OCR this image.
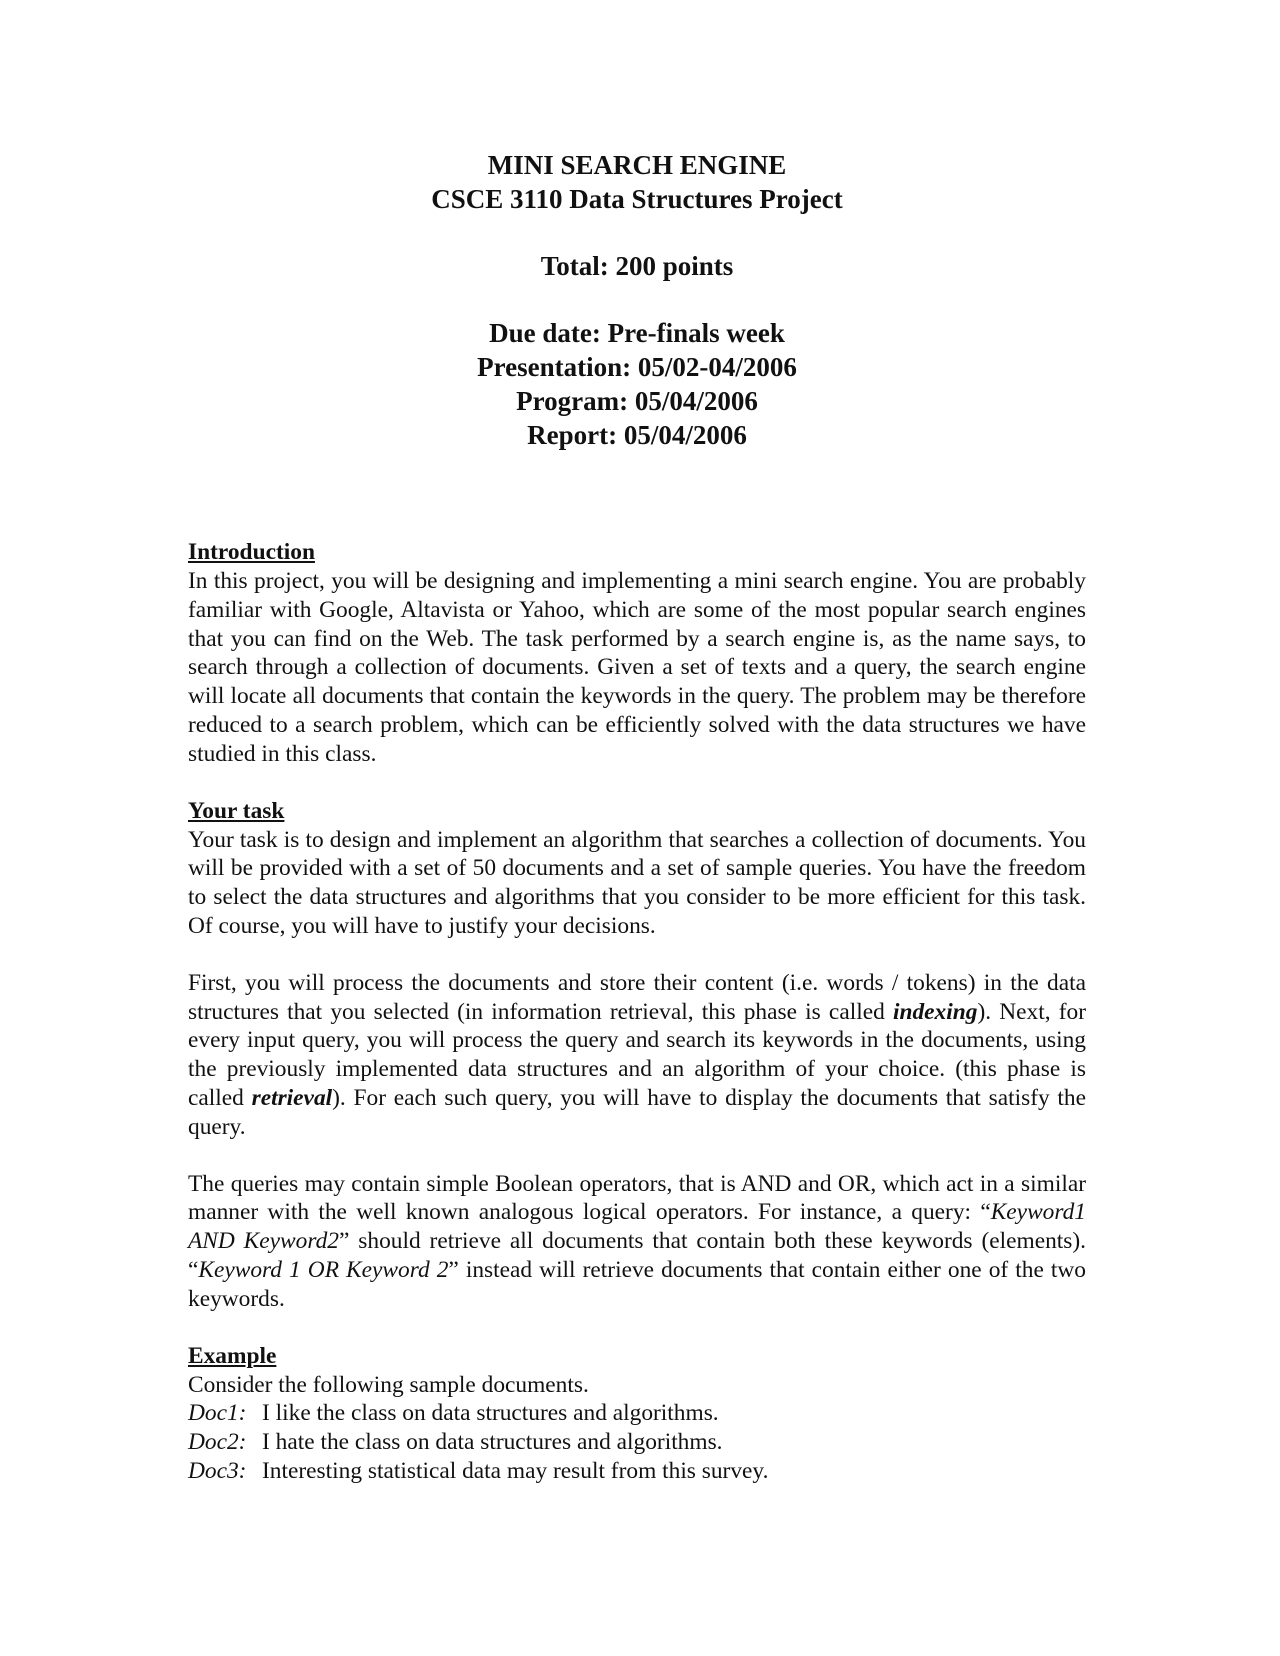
MINI SEARCH ENGINE
CSCE 3110 Data Structures Project
Total: 200 points
Due date: Pre-finals week
Presentation: 05/02-04/2006
Program: 05/04/2006
Report: 05/04/2006
Introduction

In this project, you will be designing and implementing a mini search engine. You are probably familiar with Google, Altavista or Yahoo, which are some of the most popular search engines that you can find on the Web. The task performed by a search engine is, as the name says, to search through a collection of documents. Given a set of texts and a query, the search engine will locate all documents that contain the keywords in the query. The problem may be therefore reduced to a search problem, which can be efficiently solved with the data structures we have studied in this class.

Your task

Your task is to design and implement an algorithm that searches a collection of documents. You will be provided with a set of 50 documents and a set of sample queries. You have the freedom to select the data structures and algorithms that you consider to be more efficient for this task. Of course, you will have to justify your decisions.

First, you will process the documents and store their content (i.e. words / tokens) in the data structures that you selected (in information retrieval, this phase is called indexing). Next, for every input query, you will process the query and search its keywords in the documents, using the previously implemented data structures and an algorithm of your choice. (this phase is called retrieval). For each such query, you will have to display the documents that satisfy the query.

The queries may contain simple Boolean operators, that is AND and OR, which act in a similar manner with the well known analogous logical operators. For instance, a query: “Keyword1 AND Keyword2” should retrieve all documents that contain both these keywords (elements). “Keyword 1 OR Keyword 2” instead will retrieve documents that contain either one of the two keywords.

Example
Consider the following sample documents.
Doc1: I like the class on data structures and algorithms.
Doc2: I hate the class on data structures and algorithms.
Doc3: Interesting statistical data may result from this survey.
